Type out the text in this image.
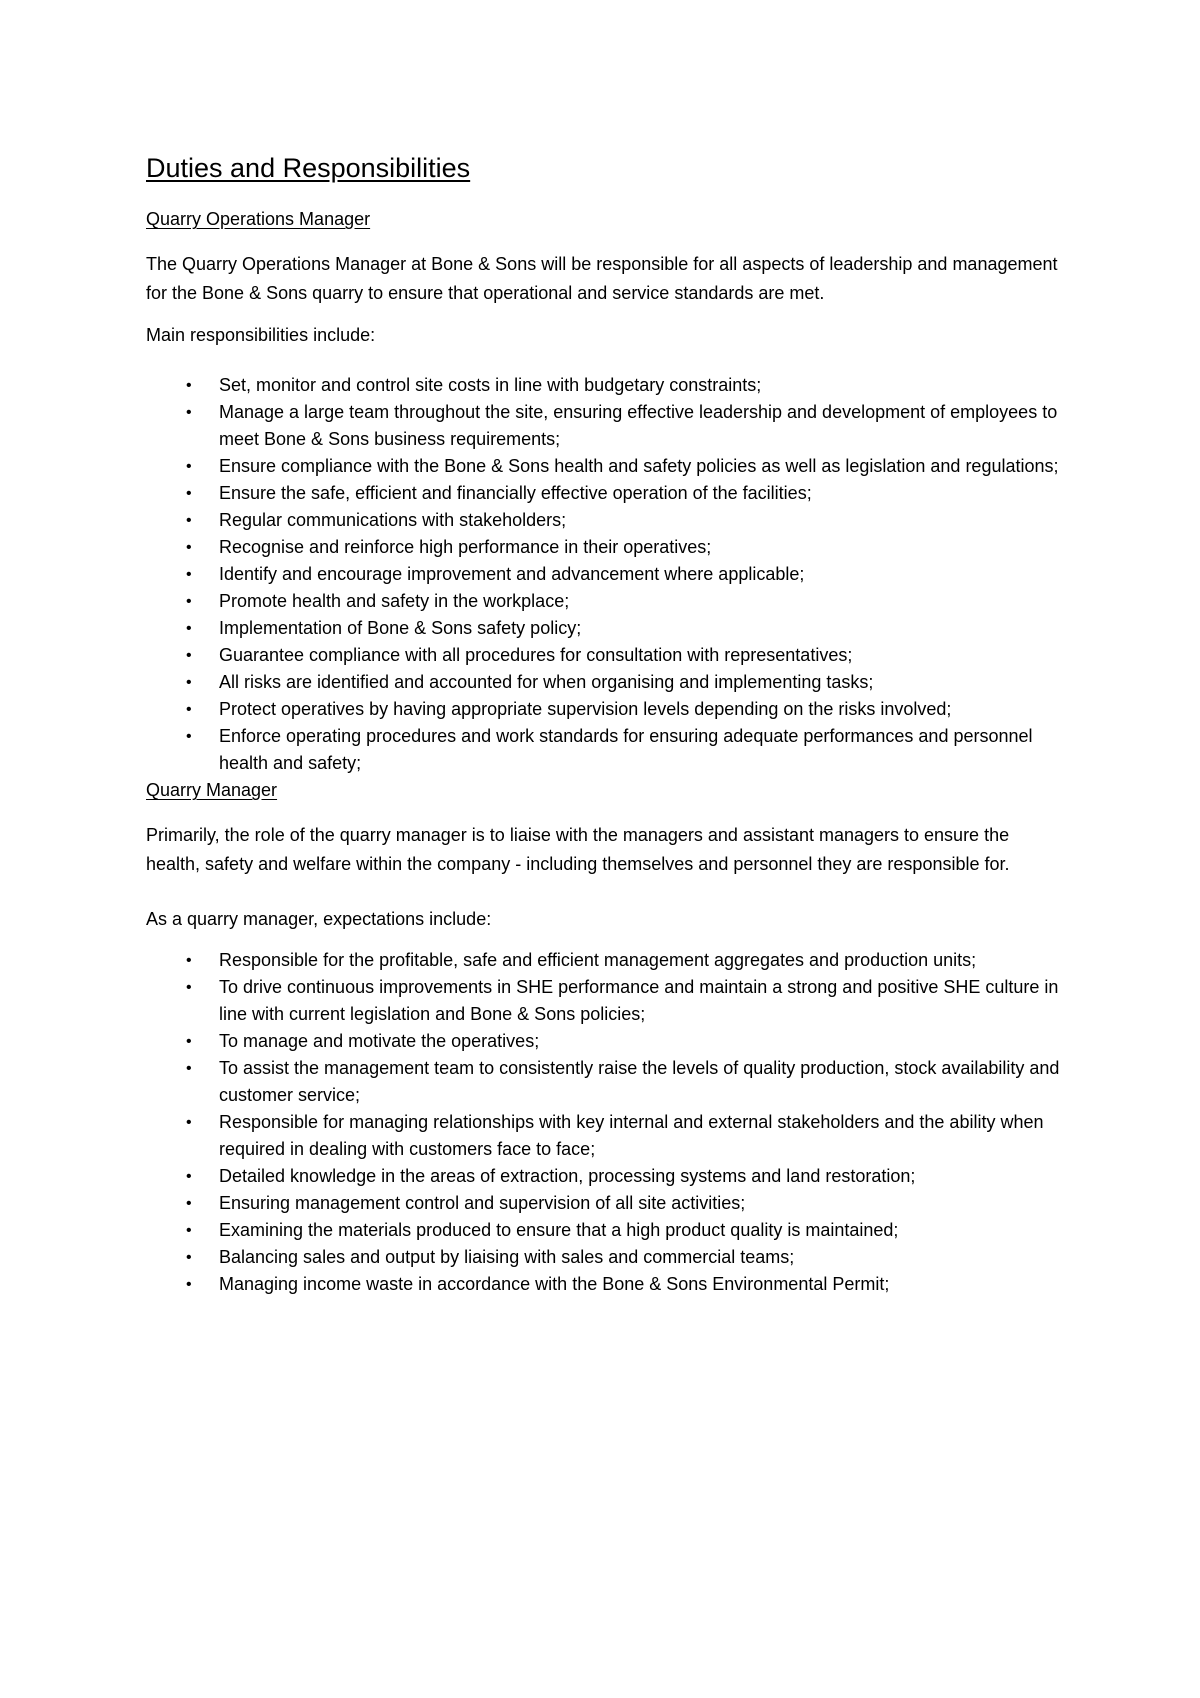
Duties and Responsibilities
Quarry Operations Manager

The Quarry Operations Manager at Bone & Sons will be responsible for all aspects of leadership and management for the Bone & Sons quarry to ensure that operational and service standards are met.

Main responsibilities include:

• Set, monitor and control site costs in line with budgetary constraints;
• Manage a large team throughout the site, ensuring effective leadership and development of employees to meet Bone & Sons business requirements;
• Ensure compliance with the Bone & Sons health and safety policies as well as legislation and regulations;
• Ensure the safe, efficient and financially effective operation of the facilities;
• Regular communications with stakeholders;
• Recognise and reinforce high performance in their operatives;
• Identify and encourage improvement and advancement where applicable;
• Promote health and safety in the workplace;
• Implementation of Bone & Sons safety policy;
• Guarantee compliance with all procedures for consultation with representatives;
• All risks are identified and accounted for when organising and implementing tasks;
• Protect operatives by having appropriate supervision levels depending on the risks involved;
• Enforce operating procedures and work standards for ensuring adequate performances and personnel health and safety;
Quarry Manager

Primarily, the role of the quarry manager is to liaise with the managers and assistant managers to ensure the health, safety and welfare within the company - including themselves and personnel they are responsible for.

As a quarry manager, expectations include:

• Responsible for the profitable, safe and efficient management aggregates and production units;
• To drive continuous improvements in SHE performance and maintain a strong and positive SHE culture in line with current legislation and Bone & Sons policies;
• To manage and motivate the operatives;
• To assist the management team to consistently raise the levels of quality production, stock availability and customer service;
• Responsible for managing relationships with key internal and external stakeholders and the ability when required in dealing with customers face to face;
• Detailed knowledge in the areas of extraction, processing systems and land restoration;
• Ensuring management control and supervision of all site activities;
• Examining the materials produced to ensure that a high product quality is maintained;
• Balancing sales and output by liaising with sales and commercial teams;
• Managing income waste in accordance with the Bone & Sons Environmental Permit;
